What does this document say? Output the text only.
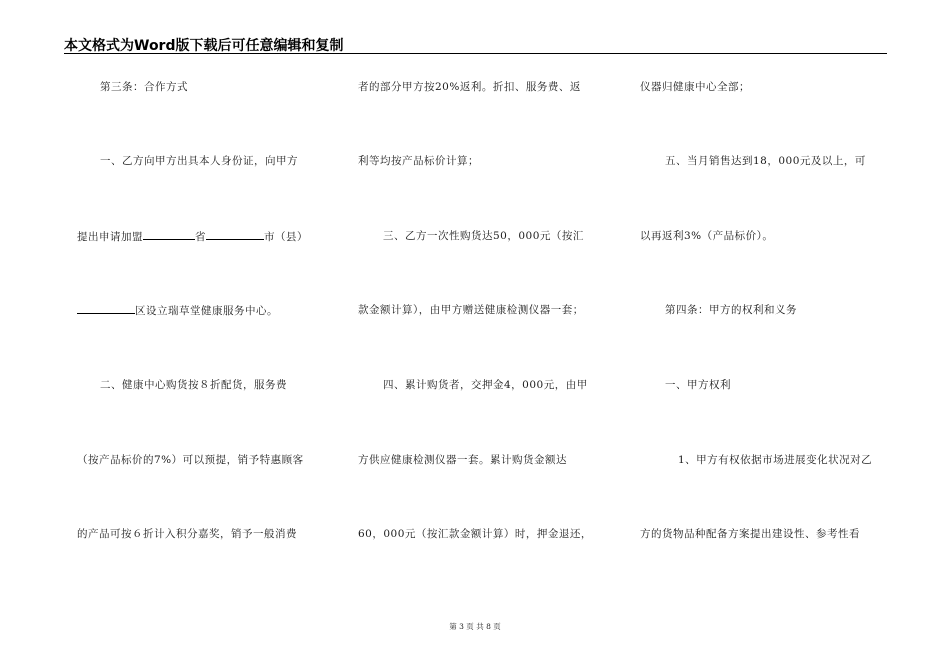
本文格式为Word版下载后可任意编辑和复制
第三条：合作方式
一、乙方向甲方出具本人身份证，向甲方
提出申请加盟	省	市（县）
区设立瑞草堂健康服务中心。
二、健康中心购货按８折配货，服务费
（按产品标价的7%）可以预提，销予特惠顾客
的产品可按６折计入积分嘉奖，销予一般消费
者的部分甲方按20%返利。折扣、服务费、返
利等均按产品标价计算；
三、乙方一次性购货达50，000元（按汇
款金额计算），由甲方赠送健康检测仪器一套；
四、累计购货者，交押金4，000元，由甲
方供应健康检测仪器一套。累计购货金额达
60，000元（按汇款金额计算）时，押金退还，
仪器归健康中心全部；
五、当月销售达到18，000元及以上，可
以再返利3%（产品标价）。
第四条：甲方的权利和义务
一、甲方权利
1、甲方有权依据市场进展变化状况对乙
方的货物品种配备方案提出建设性、参考性看
第 3 页 共 8 页
